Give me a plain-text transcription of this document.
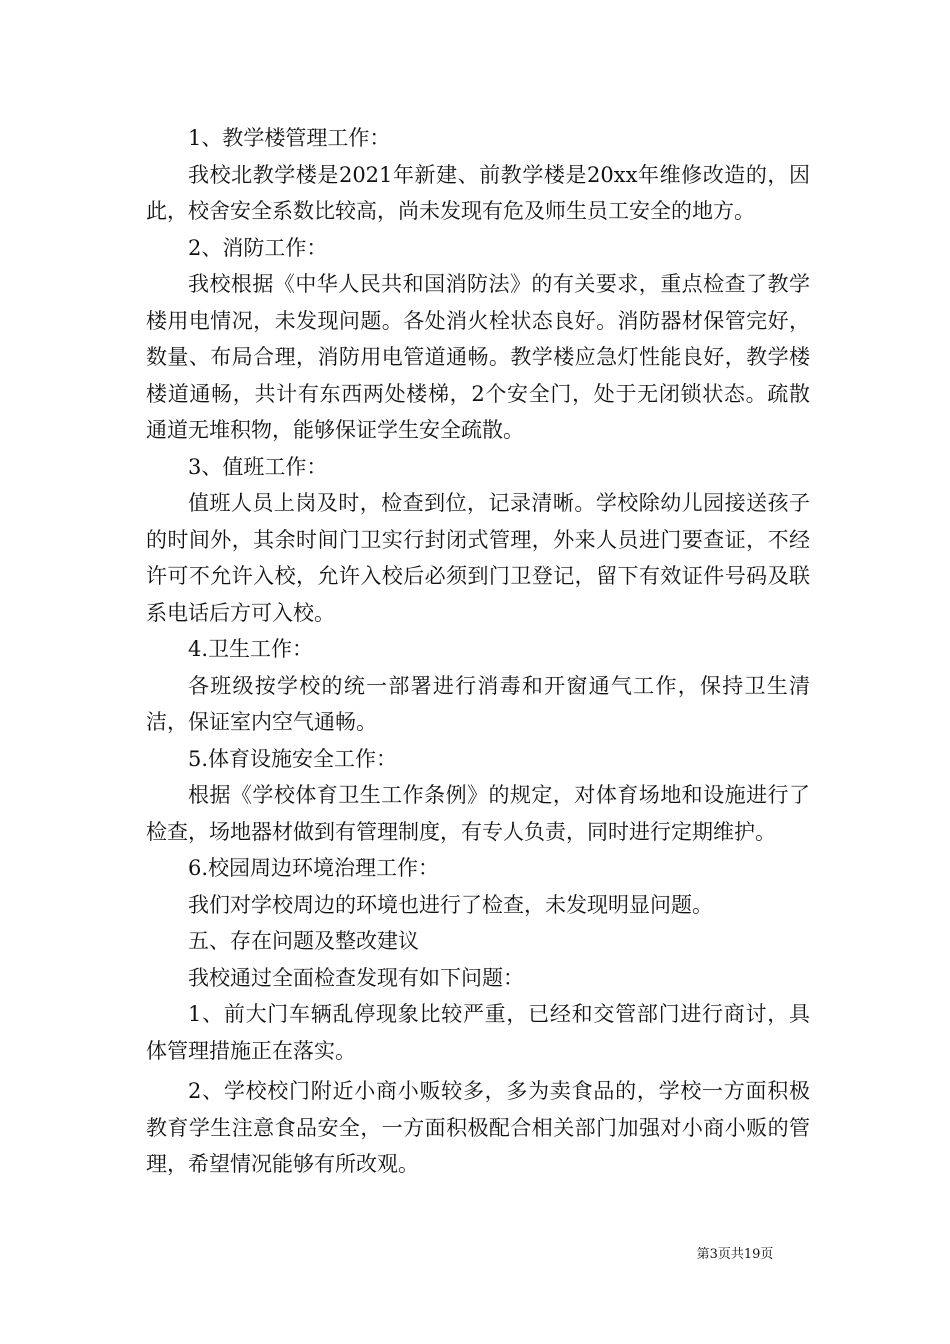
1、教学楼管理工作：

我校北教学楼是2021年新建、前教学楼是20xx年维修改造的，因此，校舍安全系数比较高，尚未发现有危及师生员工安全的地方。

2、消防工作：

我校根据《中华人民共和国消防法》的有关要求，重点检查了教学楼用电情况，未发现问题。各处消火栓状态良好。消防器材保管完好，数量、布局合理，消防用电管道通畅。教学楼应急灯性能良好，教学楼楼道通畅，共计有东西两处楼梯，2个安全门，处于无闭锁状态。疏散通道无堆积物，能够保证学生安全疏散。

3、值班工作：

值班人员上岗及时，检查到位，记录清晰。学校除幼儿园接送孩子的时间外，其余时间门卫实行封闭式管理，外来人员进门要查证，不经许可不允许入校，允许入校后必须到门卫登记，留下有效证件号码及联系电话后方可入校。

4.卫生工作：

各班级按学校的统一部署进行消毒和开窗通气工作，保持卫生清洁，保证室内空气通畅。

5.体育设施安全工作：

根据《学校体育卫生工作条例》的规定，对体育场地和设施进行了检查，场地器材做到有管理制度，有专人负责，同时进行定期维护。

6.校园周边环境治理工作：

我们对学校周边的环境也进行了检查，未发现明显问题。

五、存在问题及整改建议

我校通过全面检查发现有如下问题：

1、前大门车辆乱停现象比较严重，已经和交管部门进行商讨，具体管理措施正在落实。

2、学校校门附近小商小贩较多，多为卖食品的，学校一方面积极教育学生注意食品安全，一方面积极配合相关部门加强对小商小贩的管理，希望情况能够有所改观。

第3页共19页
